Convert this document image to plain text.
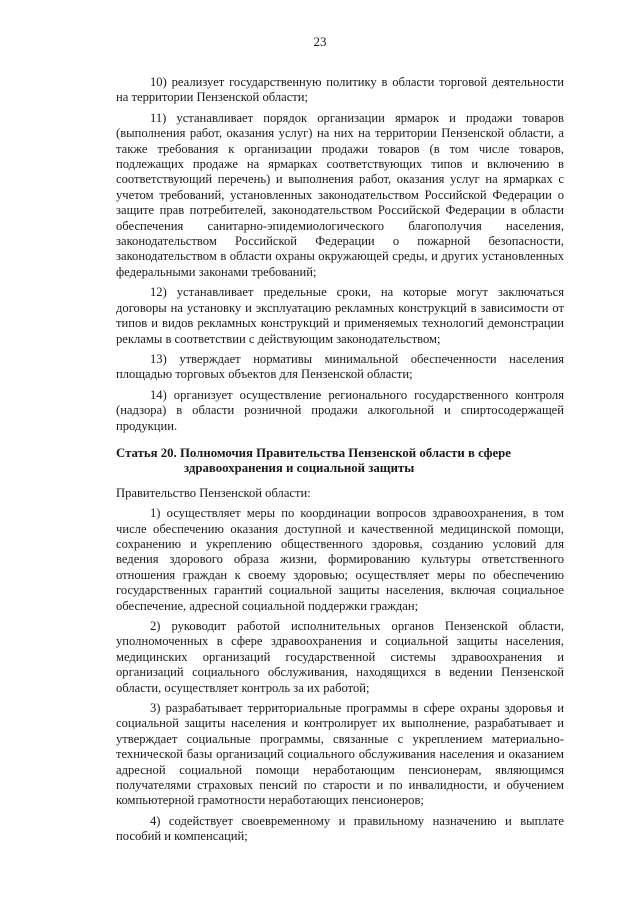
23

10) реализует государственную политику в области торговой деятельности на территории Пензенской области;

11) устанавливает порядок организации ярмарок и продажи товаров (выполнения работ, оказания услуг) на них на территории Пензенской области, а также требования к организации продажи товаров (в том числе товаров, подлежащих продаже на ярмарках соответствующих типов и включению в соответствующий перечень) и выполнения работ, оказания услуг на ярмарках с учетом требований, установленных законодательством Российской Федерации о защите прав потребителей, законодательством Российской Федерации в области обеспечения санитарно-эпидемиологического благополучия населения, законодательством Российской Федерации о пожарной безопасности, законодательством в области охраны окружающей среды, и других установленных федеральными законами требований;

12) устанавливает предельные сроки, на которые могут заключаться договоры на установку и эксплуатацию рекламных конструкций в зависимости от типов и видов рекламных конструкций и применяемых технологий демонстрации рекламы в соответствии с действующим законодательством;

13) утверждает нормативы минимальной обеспеченности населения площадью торговых объектов для Пензенской области;

14) организует осуществление регионального государственного контроля (надзора) в области розничной продажи алкогольной и спиртосодержащей продукции.

Статья 20. Полномочия Правительства Пензенской области в сфере здравоохранения и социальной защиты

Правительство Пензенской области:

1) осуществляет меры по координации вопросов здравоохранения, в том числе обеспечению оказания доступной и качественной медицинской помощи, сохранению и укреплению общественного здоровья, созданию условий для ведения здорового образа жизни, формированию культуры ответственного отношения граждан к своему здоровью; осуществляет меры по обеспечению государственных гарантий социальной защиты населения, включая социальное обеспечение, адресной социальной поддержки граждан;

2) руководит работой исполнительных органов Пензенской области, уполномоченных в сфере здравоохранения и социальной защиты населения, медицинских организаций государственной системы здравоохранения и организаций социального обслуживания, находящихся в ведении Пензенской области, осуществляет контроль за их работой;

3) разрабатывает территориальные программы в сфере охраны здоровья и социальной защиты населения и контролирует их выполнение, разрабатывает и утверждает социальные программы, связанные с укреплением материально-технической базы организаций социального обслуживания населения и оказанием адресной социальной помощи неработающим пенсионерам, являющимся получателями страховых пенсий по старости и по инвалидности, и обучением компьютерной грамотности неработающих пенсионеров;

4) содействует своевременному и правильному назначению и выплате пособий и компенсаций;
